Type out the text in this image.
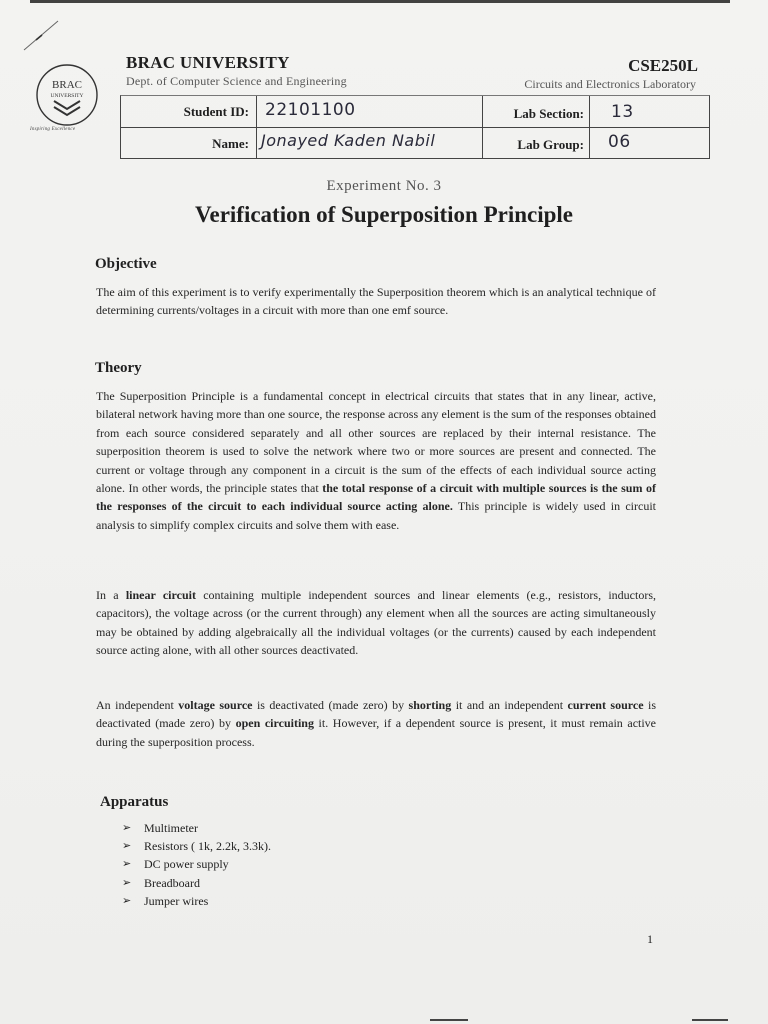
BRAC
UNIVERSITY
Inspiring Excellence
BRAC UNIVERSITY
Dept. of Computer Science and Engineering
CSE250L
Circuits and Electronics Laboratory
Student ID: 22101100
Name: Jonayed Kaden Nabil
Lab Section: 13
Lab Group: 06
Experiment No. 3
Verification of Superposition Principle
Objective
The aim of this experiment is to verify experimentally the Superposition theorem which is an analytical technique of determining currents/voltages in a circuit with more than one emf source.
Theory
The Superposition Principle is a fundamental concept in electrical circuits that states that in any linear, active, bilateral network having more than one source, the response across any element is the sum of the responses obtained from each source considered separately and all other sources are replaced by their internal resistance. The superposition theorem is used to solve the network where two or more sources are present and connected. The current or voltage through any component in a circuit is the sum of the effects of each individual source acting alone. In other words, the principle states that the total response of a circuit with multiple sources is the sum of the responses of the circuit to each individual source acting alone. This principle is widely used in circuit analysis to simplify complex circuits and solve them with ease.
In a linear circuit containing multiple independent sources and linear elements (e.g., resistors, inductors, capacitors), the voltage across (or the current through) any element when all the sources are acting simultaneously may be obtained by adding algebraically all the individual voltages (or the currents) caused by each independent source acting alone, with all other sources deactivated.
An independent voltage source is deactivated (made zero) by shorting it and an independent current source is deactivated (made zero) by open circuiting it. However, if a dependent source is present, it must remain active during the superposition process.
Apparatus
➢ Multimeter
➢ Resistors ( 1k, 2.2k, 3.3k).
➢ DC power supply
➢ Breadboard
➢ Jumper wires
1
